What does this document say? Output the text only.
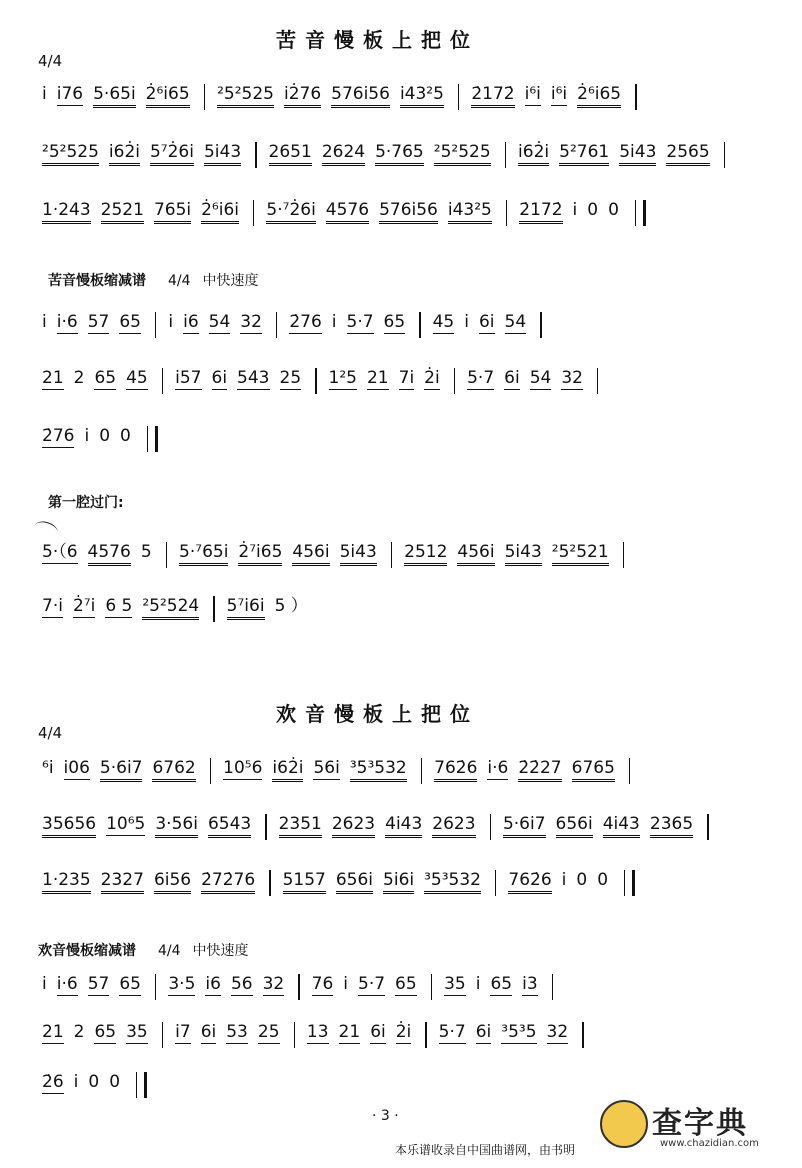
苦音慢板上把位
4/4
i i76 5·65i 2̇⁶i65 ²5²525 i2̇76 576i56 i43²5 2̇172̇ i⁶i i⁶i 2̇⁶i65
²5²525 i62̇i 5⁷2̇6i 5i43 2651 2624 5·765 ²5²525 i62̇i 5²761 5i43 2565
1·243 2521 765i 2̇⁶i6i 5·⁷2̇6i 4576 576i56 i43²5 2̇172̇ i 0 0
苦音慢板缩减谱 4/4 中快速度
i i·6 57 65 i i6 54 32 2̇76 i 5·7 65 45 i 6i 54
21 2 65 45 i57 6i 543 25 1²5 21 7i 2̇i 5·7 6i 54 32
2̇76 i 0 0
第一腔过门:
5·（6 4576 5 5·⁷65i 2̇⁷i65 456i 5i43 2512 456i 5i43 ²5²521
7·i 2̇⁷i 6 5 ²5²524 5⁷i6i 5 ）
欢音慢板上把位
4/4
⁶i i06 5·6i7 6762 10⁵6 i62̇i 56i ³5³532 762̇6 i·6 2̇2̇27 6765
35656 10⁶5 3·56i 6543 2351 2623 4i43 2623 5·6i7 656i 4i43 2365
1·235 2327 6i56 2̇72̇76 5157 656i 5i6i ³5³532 762̇6 i 0 0
欢音慢板缩减谱 4/4 中快速度
i i·6 57 65 3·5 i6 56 32 76 i 5·7 65 35 i 65 i3
21 2 65 35 i7 6i 53 25 13 21 6i 2̇i 5·7 6i ³5³5 32
2̇6 i 0 0
· 3 ·
本乐谱收录自中国曲谱网，由书明
查字典
www.chazidian.com
